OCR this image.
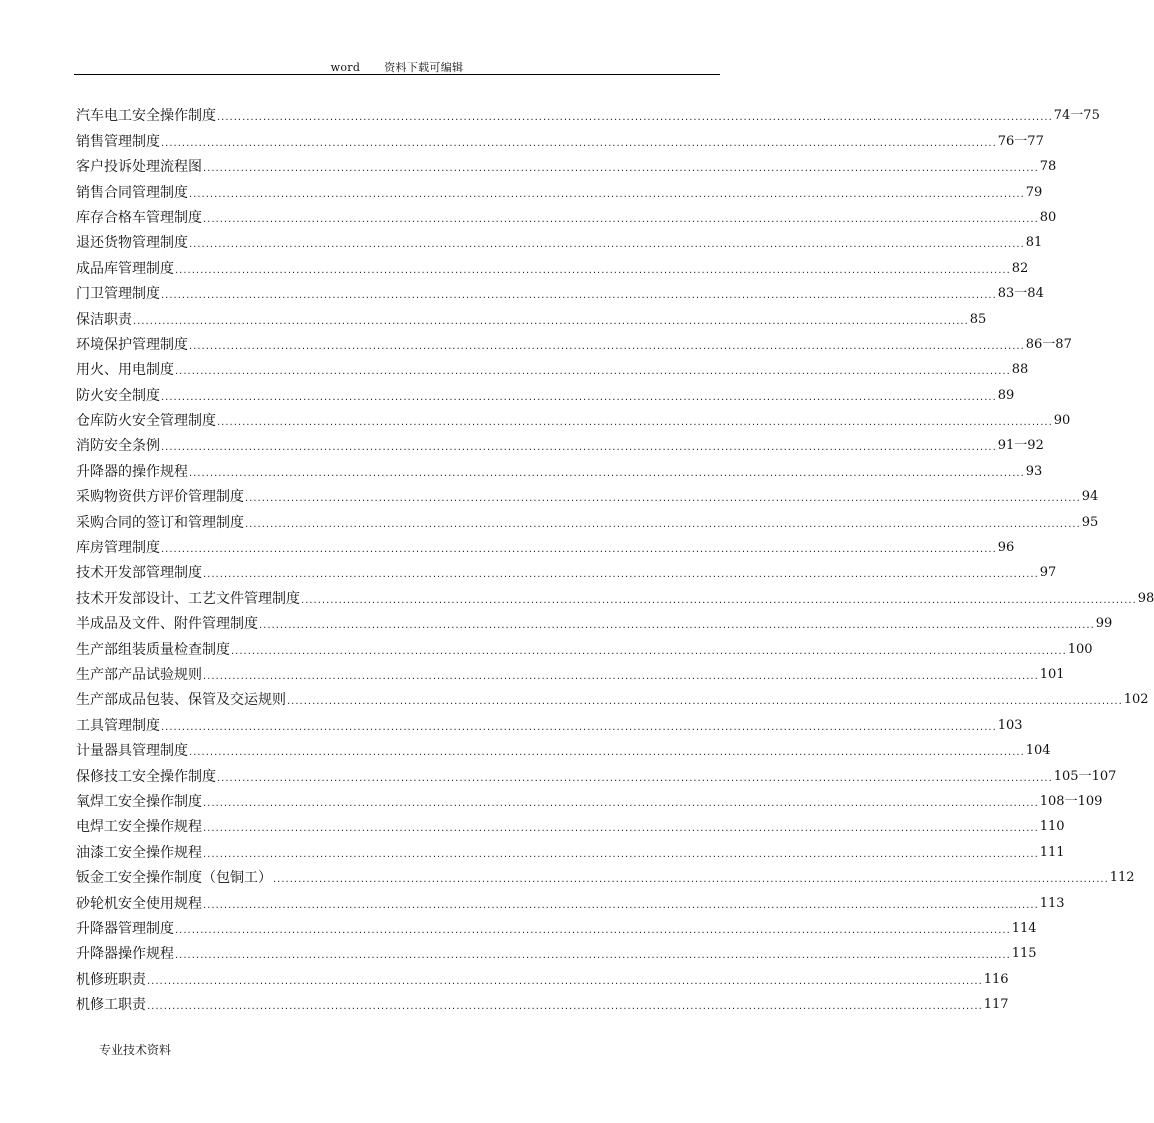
word 资料下载可编辑
汽车电工安全操作制度 ........................................................................................................................................................................................................ 74一75
销售管理制度 ........................................................................................................................................................................................................ 76一77
客户投诉处理流程图 ........................................................................................................................................................................................................ 78
销售合同管理制度 ........................................................................................................................................................................................................ 79
库存合格车管理制度 ........................................................................................................................................................................................................ 80
退还货物管理制度 ........................................................................................................................................................................................................ 81
成品库管理制度 ........................................................................................................................................................................................................ 82
门卫管理制度 ........................................................................................................................................................................................................ 83一84
保洁职责 ........................................................................................................................................................................................................ 85
环境保护管理制度 ........................................................................................................................................................................................................ 86一87
用火、用电制度 ........................................................................................................................................................................................................ 88
防火安全制度 ........................................................................................................................................................................................................ 89
仓库防火安全管理制度 ........................................................................................................................................................................................................ 90
消防安全条例 ........................................................................................................................................................................................................ 91一92
升降器的操作规程 ........................................................................................................................................................................................................ 93
采购物资供方评价管理制度 ........................................................................................................................................................................................................ 94
采购合同的签订和管理制度 ........................................................................................................................................................................................................ 95
库房管理制度 ........................................................................................................................................................................................................ 96
技术开发部管理制度 ........................................................................................................................................................................................................ 97
技术开发部设计、工艺文件管理制度 ........................................................................................................................................................................................................ 98
半成品及文件、附件管理制度 ........................................................................................................................................................................................................ 99
生产部组装质量检查制度 ........................................................................................................................................................................................................ 100
生产部产品试验规则 ........................................................................................................................................................................................................ 101
生产部成品包装、保管及交运规则 ........................................................................................................................................................................................................ 102
工具管理制度 ........................................................................................................................................................................................................ 103
计量器具管理制度 ........................................................................................................................................................................................................ 104
保修技工安全操作制度 ........................................................................................................................................................................................................ 105一107
氧焊工安全操作制度 ........................................................................................................................................................................................................ 108一109
电焊工安全操作规程 ........................................................................................................................................................................................................ 110
油漆工安全操作规程 ........................................................................................................................................................................................................ 111
钣金工安全操作制度（包铜工） ........................................................................................................................................................................................................ 112
砂轮机安全使用规程 ........................................................................................................................................................................................................ 113
升降器管理制度 ........................................................................................................................................................................................................ 114
升降器操作规程 ........................................................................................................................................................................................................ 115
机修班职责 ........................................................................................................................................................................................................ 116
机修工职责 ........................................................................................................................................................................................................ 117
专业技术资料
